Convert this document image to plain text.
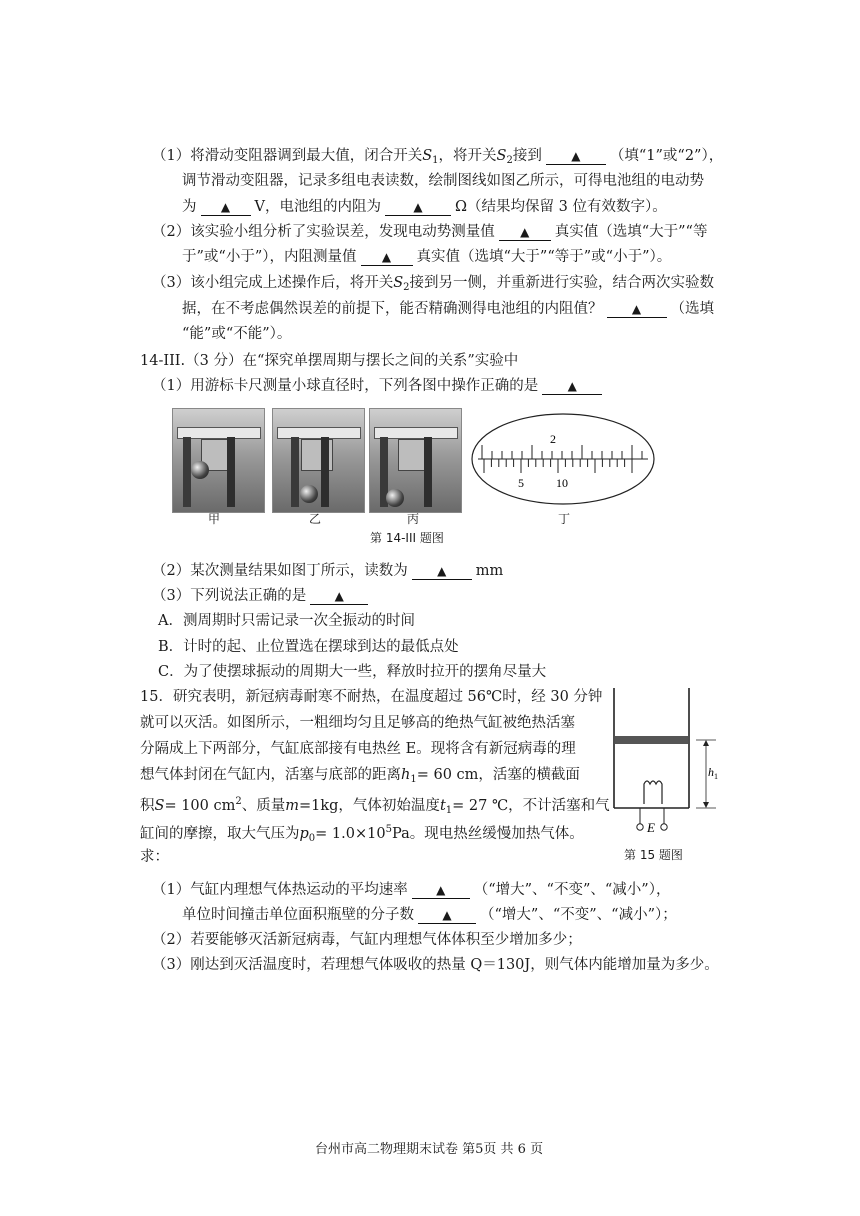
（1）将滑动变阻器调到最大值，闭合开关$S_1$，将开关$S_2$接到 ▲ （填“1”或“2”），
调节滑动变阻器，记录多组电表读数，绘制图线如图乙所示，可得电池组的电动势
为 ▲ V，电池组的内阻为	▲ Ω（结果均保留 3 位有效数字）。
（2）该实验小组分析了实验误差，发现电动势测量值 ▲ 真实值（选填“大于”“等
于”或“小于”），内阻测量值 ▲ 真实值（选填“大于”“等于”或“小于”）。
（3）该小组完成上述操作后，将开关$S_2$接到另一侧，并重新进行实验，结合两次实验数
据，在不考虑偶然误差的前提下，能否精确测得电池组的内阻值？ ▲ （选填
“能”或“不能”）。
14-III.（3 分）在“探究单摆周期与摆长之间的关系”实验中
（1）用游标卡尺测量小球直径时，下列各图中操作正确的是 ▲
2
5	10
甲	乙	丙	丁
第 14-III 题图
（2）某次测量结果如图丁所示，读数为 ▲ mm
（3）下列说法正确的是 ▲
A．测周期时只需记录一次全振动的时间
B．计时的起、止位置选在摆球到达的最低点处
C．为了使摆球振动的周期大一些，释放时拉开的摆角尽量大
15．研究表明，新冠病毒耐寒不耐热，在温度超过 56℃时，经 30 分钟
就可以灭活。如图所示，一粗细均匀且足够高的绝热气缸被绝热活塞
分隔成上下两部分，气缸底部接有电热丝 E。现将含有新冠病毒的理
想气体封闭在气缸内，活塞与底部的距离$h_1= 60$ cm，活塞的横截面
积S= 100 $cm^2$、质量m=1kg，气体初始温度$t_1= 27$ ℃，不计活塞和气
缸间的摩擦，取大气压为$p_0= 1.0\times 10^5Pa$。现电热丝缓慢加热气体。
求：
E
$h_1$
第 15 题图
（1）气缸内理想气体热运动的平均速率 ▲ （“增大”、“不变”、“减小”），
单位时间撞击单位面积瓶壁的分子数 ▲ （“增大”、“不变”、“减小”）；
（2）若要能够灭活新冠病毒，气缸内理想气体体积至少增加多少；
（3）刚达到灭活温度时，若理想气体吸收的热量 Q＝130J，则气体内能增加量为多少。
台州市高二物理期末试卷 第5页 共 6 页
